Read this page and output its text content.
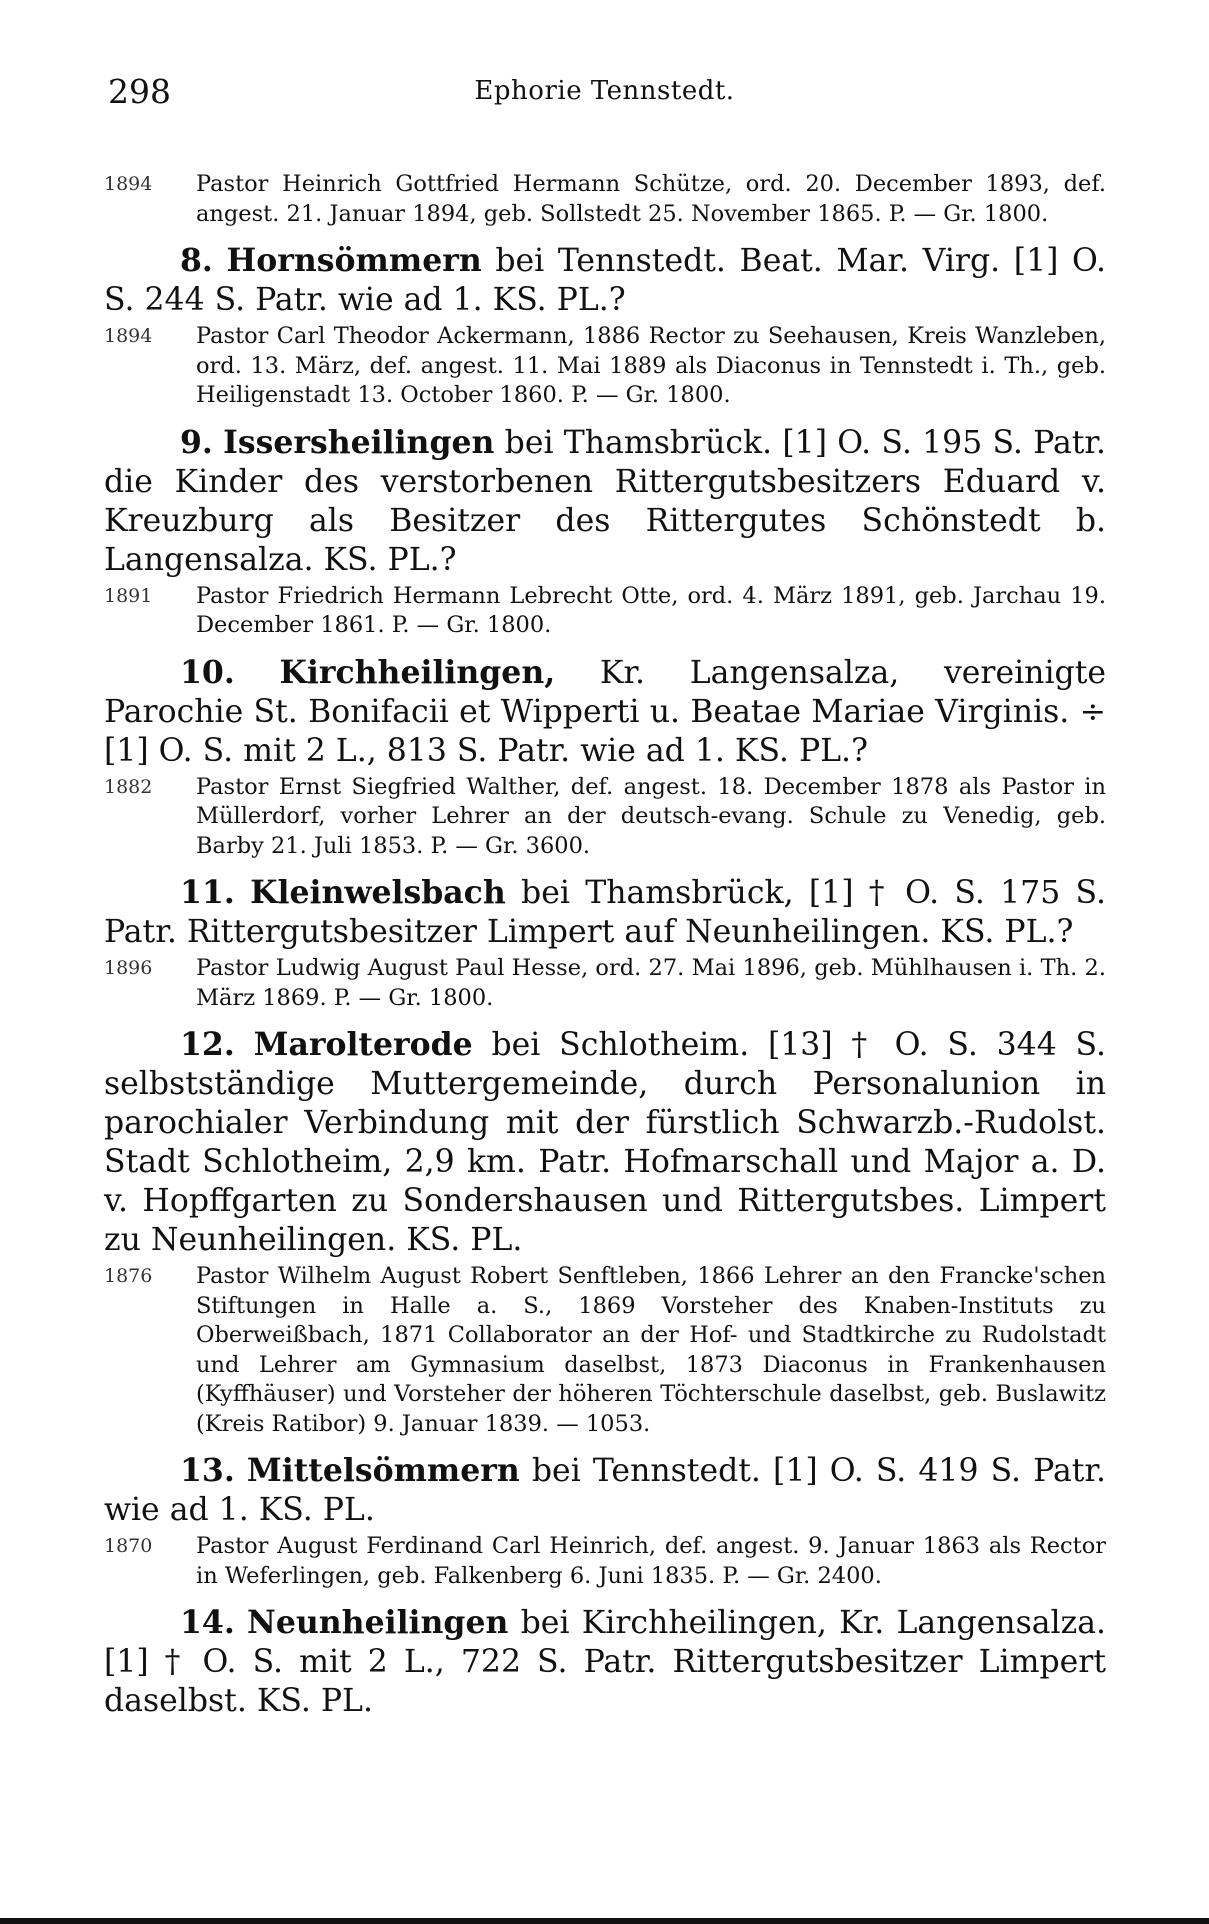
298	Ephorie Tennstedt.

1894 Pastor Heinrich Gottfried Hermann Schütze, ord. 20. December 1893, def. angest. 21. Januar 1894, geb. Sollstedt 25. November 1865. P. — Gr. 1800.

8. Hornsömmern bei Tennstedt. Beat. Mar. Virg. [1] O. S. 244 S. Patr. wie ad 1. KS. PL.?

1894 Pastor Carl Theodor Ackermann, 1886 Rector zu Seehausen, Kreis Wanzleben, ord. 13. März, def. angest. 11. Mai 1889 als Diaconus in Tennstedt i. Th., geb. Heiligenstadt 13. October 1860. P. — Gr. 1800.

9. Issersheilingen bei Thamsbrück. [1] O. S. 195 S. Patr. die Kinder des verstorbenen Rittergutsbesitzers Eduard v. Kreuzburg als Besitzer des Rittergutes Schönstedt b. Langensalza. KS. PL.?

1891 Pastor Friedrich Hermann Lebrecht Otte, ord. 4. März 1891, geb. Jarchau 19. December 1861. P. — Gr. 1800.

10. Kirchheilingen, Kr. Langensalza, vereinigte Parochie St. Bonifacii et Wipperti u. Beatae Mariae Virginis. ÷ [1] O. S. mit 2 L., 813 S. Patr. wie ad 1. KS. PL.?

1882 Pastor Ernst Siegfried Walther, def. angest. 18. December 1878 als Pastor in Müllerdorf, vorher Lehrer an der deutsch-evang. Schule zu Venedig, geb. Barby 21. Juli 1853. P. — Gr. 3600.

11. Kleinwelsbach bei Thamsbrück, [1] † O. S. 175 S. Patr. Rittergutsbesitzer Limpert auf Neunheilingen. KS. PL.?

1896 Pastor Ludwig August Paul Hesse, ord. 27. Mai 1896, geb. Mühlhausen i. Th. 2. März 1869. P. — Gr. 1800.

12. Marolterode bei Schlotheim. [13] † O. S. 344 S. selbstständige Muttergemeinde, durch Personalunion in parochialer Verbindung mit der fürstlich Schwarzb.-Rudolst. Stadt Schlotheim, 2,9 km. Patr. Hofmarschall und Major a. D. v. Hopffgarten zu Sondershausen und Rittergutsbes. Limpert zu Neunheilingen. KS. PL.

1876 Pastor Wilhelm August Robert Senftleben, 1866 Lehrer an den Francke'schen Stiftungen in Halle a. S., 1869 Vorsteher des Knaben-Instituts zu Oberweißbach, 1871 Collaborator an der Hof- und Stadtkirche zu Rudolstadt und Lehrer am Gymnasium daselbst, 1873 Diaconus in Frankenhausen (Kyffhäuser) und Vorsteher der höheren Töchterschule daselbst, geb. Buslawitz (Kreis Ratibor) 9. Januar 1839. — 1053.

13. Mittelsömmern bei Tennstedt. [1] O. S. 419 S. Patr. wie ad 1. KS. PL.

1870 Pastor August Ferdinand Carl Heinrich, def. angest. 9. Januar 1863 als Rector in Weferlingen, geb. Falkenberg 6. Juni 1835. P. — Gr. 2400.

14. Neunheilingen bei Kirchheilingen, Kr. Langensalza. [1] † O. S. mit 2 L., 722 S. Patr. Rittergutsbesitzer Limpert daselbst. KS. PL.
